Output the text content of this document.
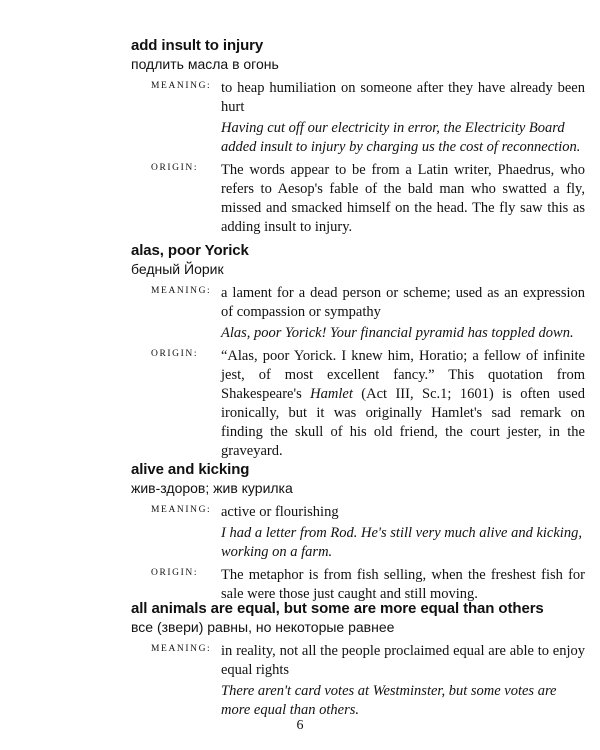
add insult to injury
подлить масла в огонь
MEANING: to heap humiliation on someone after they have already been hurt
Having cut off our electricity in error, the Electricity Board added insult to injury by charging us the cost of reconnection.
ORIGIN: The words appear to be from a Latin writer, Phaedrus, who refers to Aesop's fable of the bald man who swatted a fly, missed and smacked himself on the head. The fly saw this as adding insult to injury.
alas, poor Yorick
бедный Йорик
MEANING: a lament for a dead person or scheme; used as an expression of compassion or sympathy
Alas, poor Yorick! Your financial pyramid has toppled down.
ORIGIN: “Alas, poor Yorick. I knew him, Horatio; a fellow of infinite jest, of most excellent fancy.” This quotation from Shakespeare's Hamlet (Act III, Sc.1; 1601) is often used ironically, but it was originally Hamlet's sad remark on finding the skull of his old friend, the court jester, in the graveyard.
alive and kicking
жив-здоров; жив курилка
MEANING: active or flourishing
I had a letter from Rod. He's still very much alive and kicking, working on a farm.
ORIGIN: The metaphor is from fish selling, when the freshest fish for sale were those just caught and still moving.
all animals are equal, but some are more equal than others
все (звери) равны, но некоторые равнее
MEANING: in reality, not all the people proclaimed equal are able to enjoy equal rights
There aren't card votes at Westminster, but some votes are more equal than others.
6
